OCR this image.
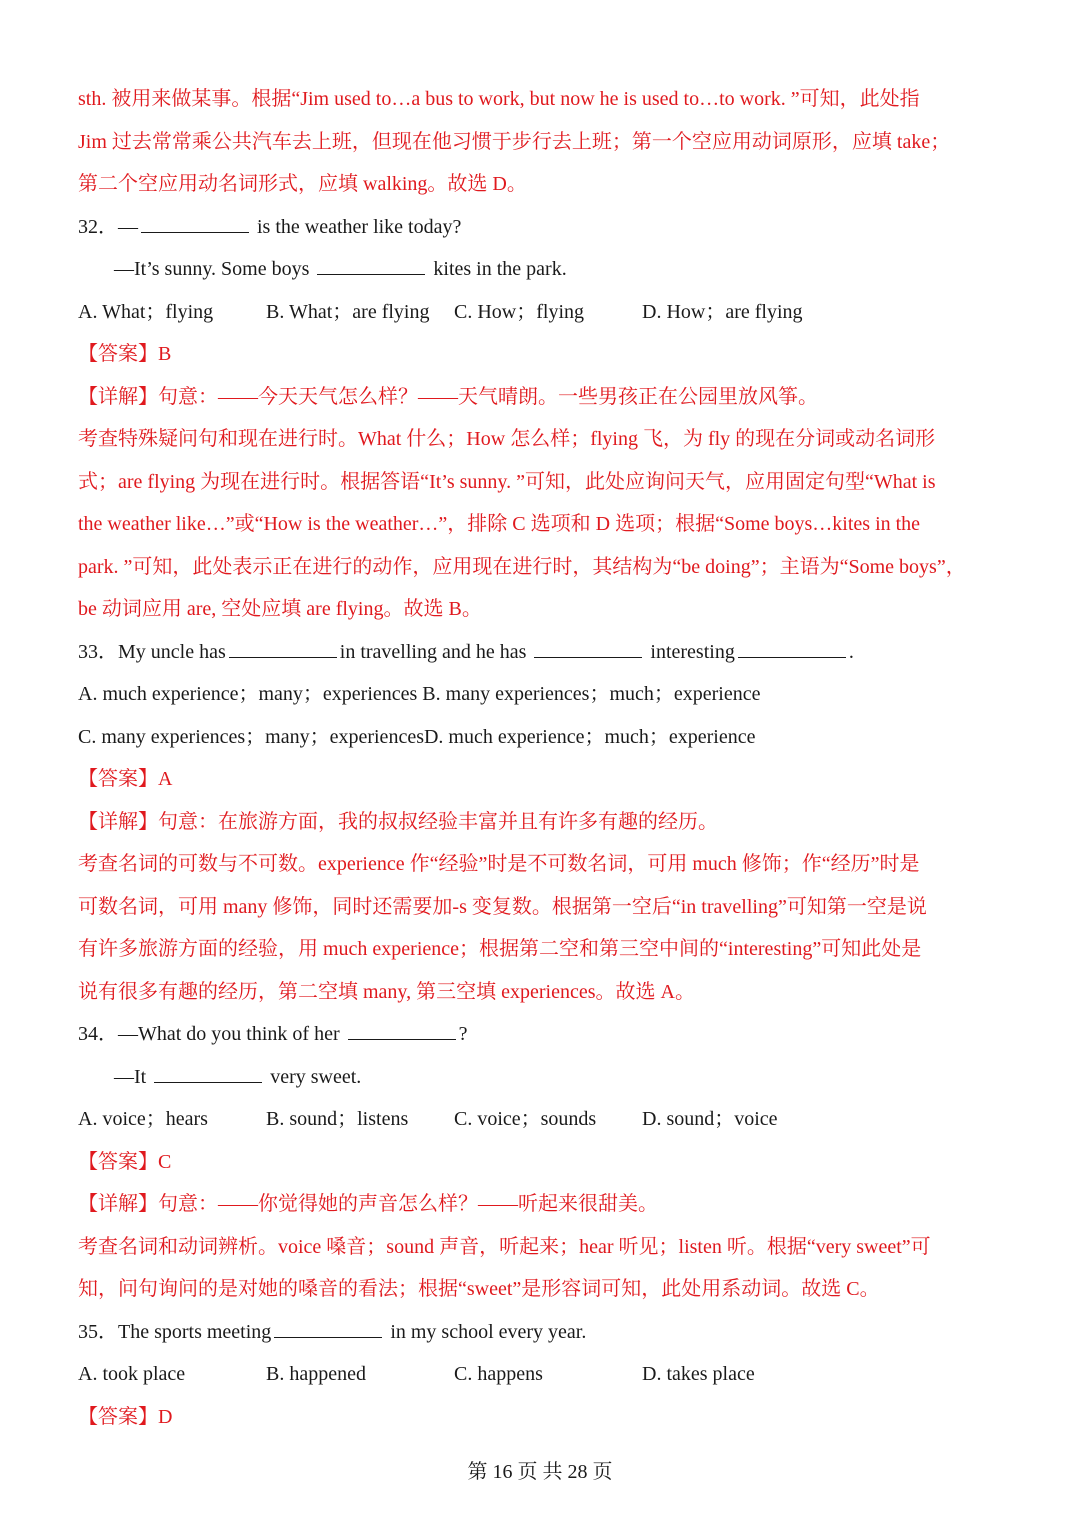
sth. 被用来做某事。根据“Jim used to…a bus to work, but now he is used to…to work. ”可知，此处指
Jim 过去常常乘公共汽车去上班，但现在他习惯于步行去上班；第一个空应用动词原形，应填 take；
第二个空应用动名词形式，应填 walking。故选 D。
32．—	is the weather like today?
—It’s sunny. Some boys	kites in the park.
A. What；flying	B. What；are flying C. How；flying	D. How；are flying
【答案】B
【详解】句意：——今天天气怎么样？——天气晴朗。一些男孩正在公园里放风筝。
考查特殊疑问句和现在进行时。What 什么；How 怎么样；flying 飞，为 fly 的现在分词或动名词形
式；are flying 为现在进行时。根据答语“It’s sunny. ”可知，此处应询问天气，应用固定句型“What is
the weather like…”或“How is the weather…”，排除 C 选项和 D 选项；根据“Some boys…kites in the
park. ”可知，此处表示正在进行的动作，应用现在进行时，其结构为“be doing”；主语为“Some boys”，
be 动词应用 are, 空处应填 are flying。故选 B。
33．My uncle has	in travelling and he has	interesting	.
A. much experience；many；experiences B. many experiences；much；experience
C. many experiences；many；experiencesD. much experience；much；experience
【答案】A
【详解】句意：在旅游方面，我的叔叔经验丰富并且有许多有趣的经历。
考查名词的可数与不可数。experience 作“经验”时是不可数名词，可用 much 修饰；作“经历”时是
可数名词，可用 many 修饰，同时还需要加-s 变复数。根据第一空后“in travelling”可知第一空是说
有许多旅游方面的经验，用 much experience；根据第二空和第三空中间的“interesting”可知此处是
说有很多有趣的经历，第二空填 many, 第三空填 experiences。故选 A。
34．—What do you think of her	?
—It	very sweet.
A. voice；hears	B. sound；listens C. voice；sounds D. sound；voice
【答案】C
【详解】句意：——你觉得她的声音怎么样？——听起来很甜美。
考查名词和动词辨析。voice 嗓音；sound 声音，听起来；hear 听见；listen 听。根据“very sweet”可
知，问句询问的是对她的嗓音的看法；根据“sweet”是形容词可知，此处用系动词。故选 C。
35．The sports meeting	in my school every year.
A. took place	B. happened	C. happens	D. takes place
【答案】D
第 16 页 共 28 页
